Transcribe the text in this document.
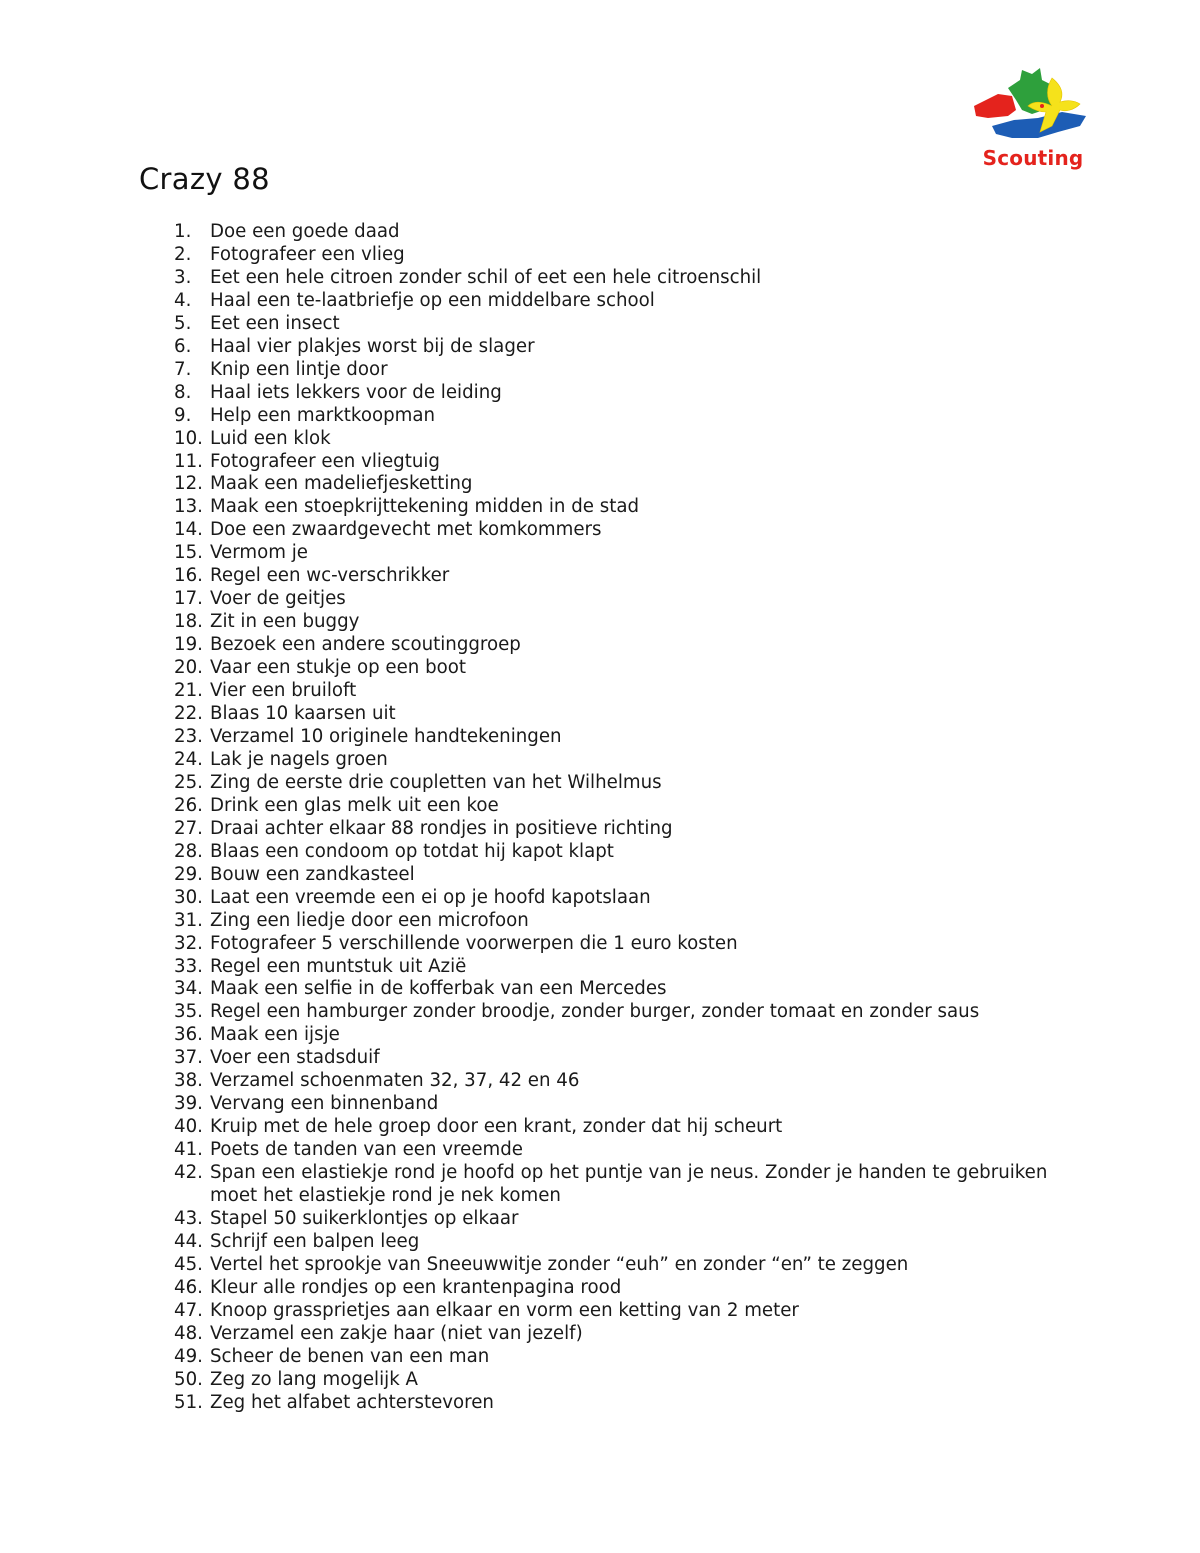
Scouting
Crazy 88
1.	Doe een goede daad
2.	Fotografeer een vlieg
3.	Eet een hele citroen zonder schil of eet een hele citroenschil
4.	Haal een te-laatbriefje op een middelbare school
5.	Eet een insect
6.	Haal vier plakjes worst bij de slager
7.	Knip een lintje door
8.	Haal iets lekkers voor de leiding
9.	Help een marktkoopman
10. Luid een klok
11. Fotografeer een vliegtuig
12. Maak een madeliefjesketting
13. Maak een stoepkrijttekening midden in de stad
14. Doe een zwaardgevecht met komkommers
15. Vermom je
16. Regel een wc-verschrikker
17. Voer de geitjes
18. Zit in een buggy
19. Bezoek een andere scoutinggroep
20. Vaar een stukje op een boot
21. Vier een bruiloft
22. Blaas 10 kaarsen uit
23. Verzamel 10 originele handtekeningen
24. Lak je nagels groen
25. Zing de eerste drie coupletten van het Wilhelmus
26. Drink een glas melk uit een koe
27. Draai achter elkaar 88 rondjes in positieve richting
28. Blaas een condoom op totdat hij kapot klapt
29. Bouw een zandkasteel
30. Laat een vreemde een ei op je hoofd kapotslaan
31. Zing een liedje door een microfoon
32. Fotografeer 5 verschillende voorwerpen die 1 euro kosten
33. Regel een muntstuk uit Azië
34. Maak een selfie in de kofferbak van een Mercedes
35. Regel een hamburger zonder broodje, zonder burger, zonder tomaat en zonder saus
36. Maak een ijsje
37. Voer een stadsduif
38. Verzamel schoenmaten 32, 37, 42 en 46
39. Vervang een binnenband
40. Kruip met de hele groep door een krant, zonder dat hij scheurt
41. Poets de tanden van een vreemde
42. Span een elastiekje rond je hoofd op het puntje van je neus. Zonder je handen te gebruiken moet het elastiekje rond je nek komen
43. Stapel 50 suikerklontjes op elkaar
44. Schrijf een balpen leeg
45. Vertel het sprookje van Sneeuwwitje zonder “euh” en zonder “en” te zeggen
46. Kleur alle rondjes op een krantenpagina rood
47. Knoop grassprietjes aan elkaar en vorm een ketting van 2 meter
48. Verzamel een zakje haar (niet van jezelf)
49. Scheer de benen van een man
50. Zeg zo lang mogelijk A
51. Zeg het alfabet achterstevoren
